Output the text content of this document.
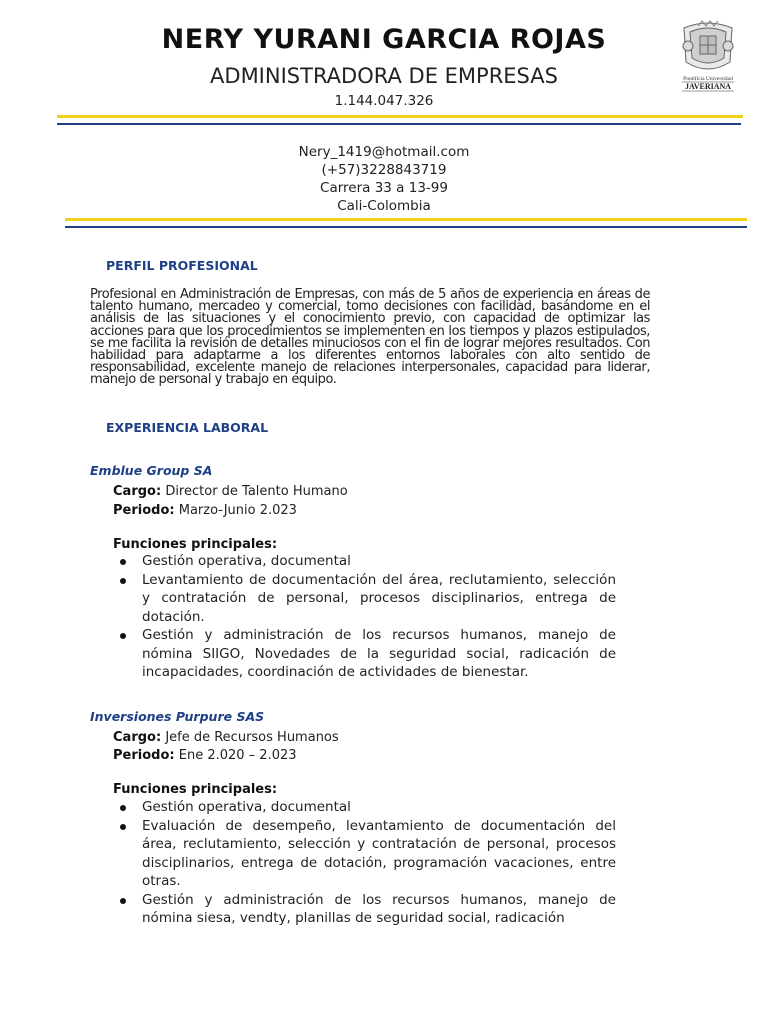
NERY YURANI GARCIA ROJAS
ADMINISTRADORA DE EMPRESAS
1.144.047.326
Pontificia Universidad
JAVERIANA
Nery_1419@hotmail.com
(+57)3228843719
Carrera 33 a 13-99
Cali-Colombia
PERFIL PROFESIONAL
Profesional en Administración de Empresas, con más de 5 años de experiencia en áreas de talento humano, mercadeo y comercial, tomo decisiones con facilidad, basándome en el análisis de las situaciones y el conocimiento previo, con capacidad de optimizar las acciones para que los procedimientos se implementen en los tiempos y plazos estipulados, se me facilita la revisión de detalles minuciosos con el fin de lograr mejores resultados. Con habilidad para adaptarme a los diferentes entornos laborales con alto sentido de responsabilidad, excelente manejo de relaciones interpersonales, capacidad para liderar, manejo de personal y trabajo en equipo.
EXPERIENCIA LABORAL
Emblue Group SA
Cargo: Director de Talento Humano
Periodo: Marzo-Junio 2.023
Funciones principales:
Gestión operativa, documental
Levantamiento de documentación del área, reclutamiento, selección y contratación de personal, procesos disciplinarios, entrega de dotación.
Gestión y administración de los recursos humanos, manejo de nómina SIIGO, Novedades de la seguridad social, radicación de incapacidades, coordinación de actividades de bienestar.
Inversiones Purpure SAS
Cargo: Jefe de Recursos Humanos
Periodo: Ene 2.020 – 2.023
Funciones principales:
Gestión operativa, documental
Evaluación de desempeño, levantamiento de documentación del área, reclutamiento, selección y contratación de personal, procesos disciplinarios, entrega de dotación, programación vacaciones, entre otras.
Gestión y administración de los recursos humanos, manejo de nómina siesa, vendty, planillas de seguridad social, radicación
